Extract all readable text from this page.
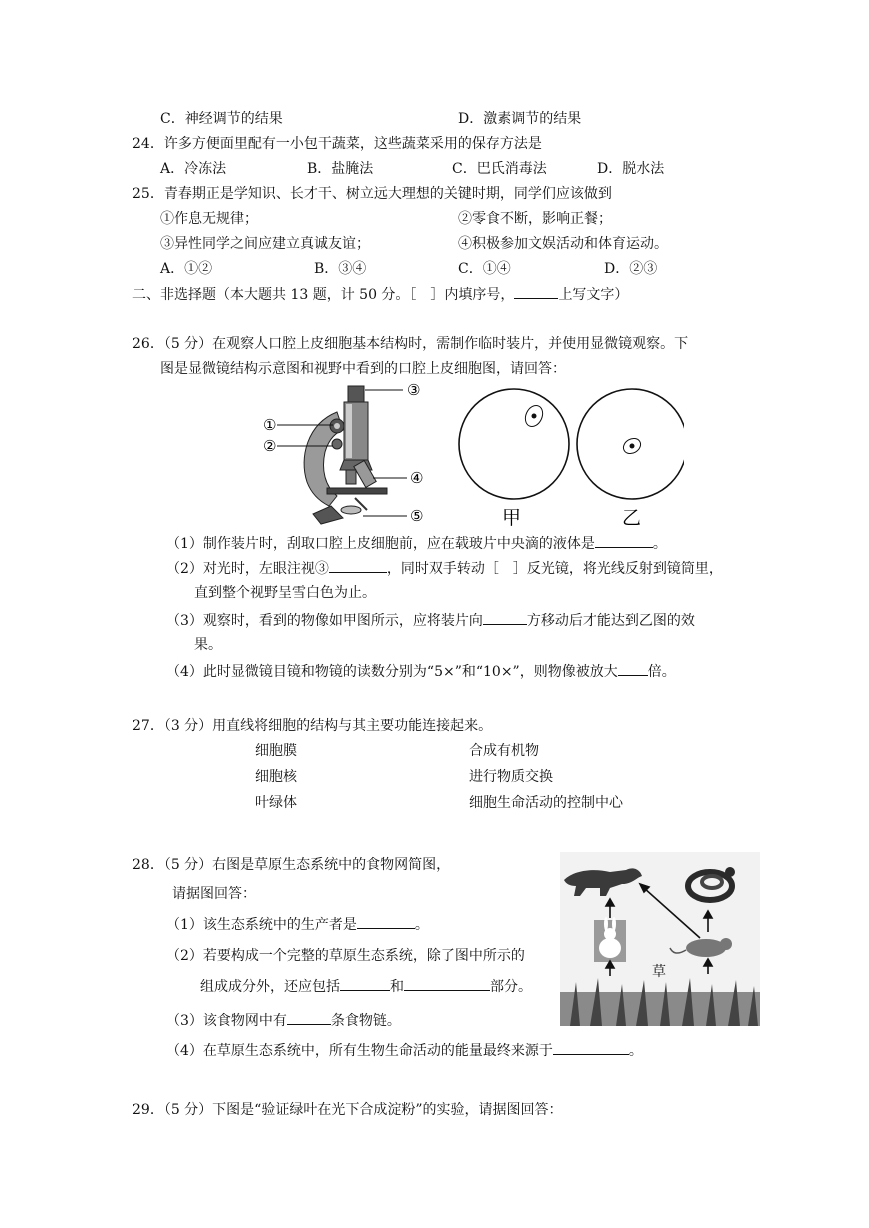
C．神经调节的结果	D．激素调节的结果
24．许多方便面里配有一小包干蔬菜，这些蔬菜采用的保存方法是
A．冷冻法	B．盐腌法	C．巴氏消毒法	D．脱水法
25．青春期正是学知识、长才干、树立远大理想的关键时期，同学们应该做到
①作息无规律；	②零食不断，影响正餐；
③异性同学之间应建立真诚友谊；	④积极参加文娱活动和体育运动。
A．①②	B．③④	C．①④	D．②③
二、非选择题（本大题共 13 题，计 50 分。［　］内填序号，	上写文字）
26．（5 分）在观察人口腔上皮细胞基本结构时，需制作临时装片，并使用显微镜观察。下
图是显微镜结构示意图和视野中看到的口腔上皮细胞图，请回答：
①
②
③
④
⑤	甲	乙
（1）制作装片时，刮取口腔上皮细胞前，应在载玻片中央滴的液体是	。
（2）对光时，左眼注视③	，同时双手转动［　］反光镜，将光线反射到镜筒里，
直到整个视野呈雪白色为止。
（3）观察时，看到的物像如甲图所示，应将装片向	方移动后才能达到乙图的效
果。
（4）此时显微镜目镜和物镜的读数分别为“5×”和“10×”，则物像被放大 倍。
27．（3 分）用直线将细胞的结构与其主要功能连接起来。
细胞膜
细胞核
叶绿体
合成有机物
进行物质交换
细胞生命活动的控制中心
28．（5 分）右图是草原生态系统中的食物网简图，
请据图回答：
（1）该生态系统中的生产者是	。
（2）若要构成一个完整的草原生态系统，除了图中所示的
组成成分外，还应包括	和	部分。
（3）该食物网中有	条食物链。
（4）在草原生态系统中，所有生物生命活动的能量最终来源于	。
草
29．（5 分）下图是“验证绿叶在光下合成淀粉”的实验，请据图回答：
